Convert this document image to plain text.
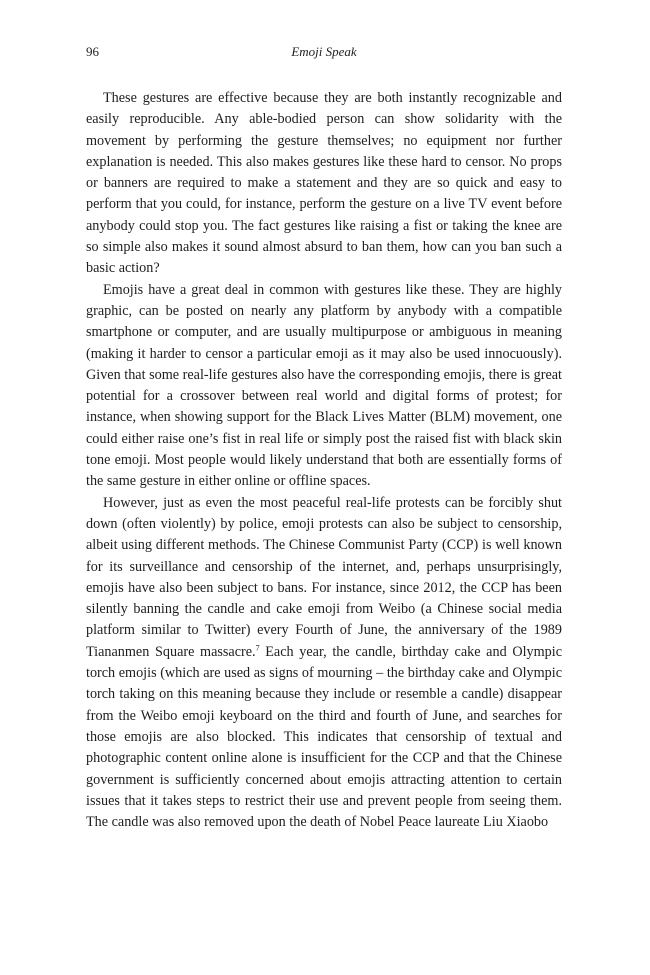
96	Emoji Speak

These gestures are effective because they are both instantly recognizable and easily reproducible. Any able-bodied person can show solidarity with the movement by performing the gesture themselves; no equipment nor further explanation is needed. This also makes gestures like these hard to censor. No props or banners are required to make a statement and they are so quick and easy to perform that you could, for instance, perform the gesture on a live TV event before anybody could stop you. The fact gestures like raising a fist or taking the knee are so simple also makes it sound almost absurd to ban them, how can you ban such a basic action?

Emojis have a great deal in common with gestures like these. They are highly graphic, can be posted on nearly any platform by anybody with a compatible smartphone or computer, and are usually multipurpose or ambiguous in meaning (making it harder to censor a particular emoji as it may also be used innocuously). Given that some real-life gestures also have the corresponding emojis, there is great potential for a crossover between real world and digital forms of protest; for instance, when showing support for the Black Lives Matter (BLM) movement, one could either raise one’s fist in real life or simply post the raised fist with black skin tone emoji. Most people would likely understand that both are essentially forms of the same gesture in either online or offline spaces.

However, just as even the most peaceful real-life protests can be forcibly shut down (often violently) by police, emoji protests can also be subject to censorship, albeit using different methods. The Chinese Communist Party (CCP) is well known for its surveillance and censorship of the internet, and, perhaps unsurprisingly, emojis have also been subject to bans. For instance, since 2012, the CCP has been silently banning the candle and cake emoji from Weibo (a Chinese social media platform similar to Twitter) every Fourth of June, the anniversary of the 1989 Tiananmen Square massacre.$^7$ Each year, the candle, birthday cake and Olympic torch emojis (which are used as signs of mourning – the birthday cake and Olympic torch taking on this meaning because they include or resemble a candle) disappear from the Weibo emoji keyboard on the third and fourth of June, and searches for those emojis are also blocked. This indicates that censorship of textual and photographic content online alone is insufficient for the CCP and that the Chinese government is sufficiently concerned about emojis attracting attention to certain issues that it takes steps to restrict their use and prevent people from seeing them. The candle was also removed upon the death of Nobel Peace laureate Liu Xiaobo
